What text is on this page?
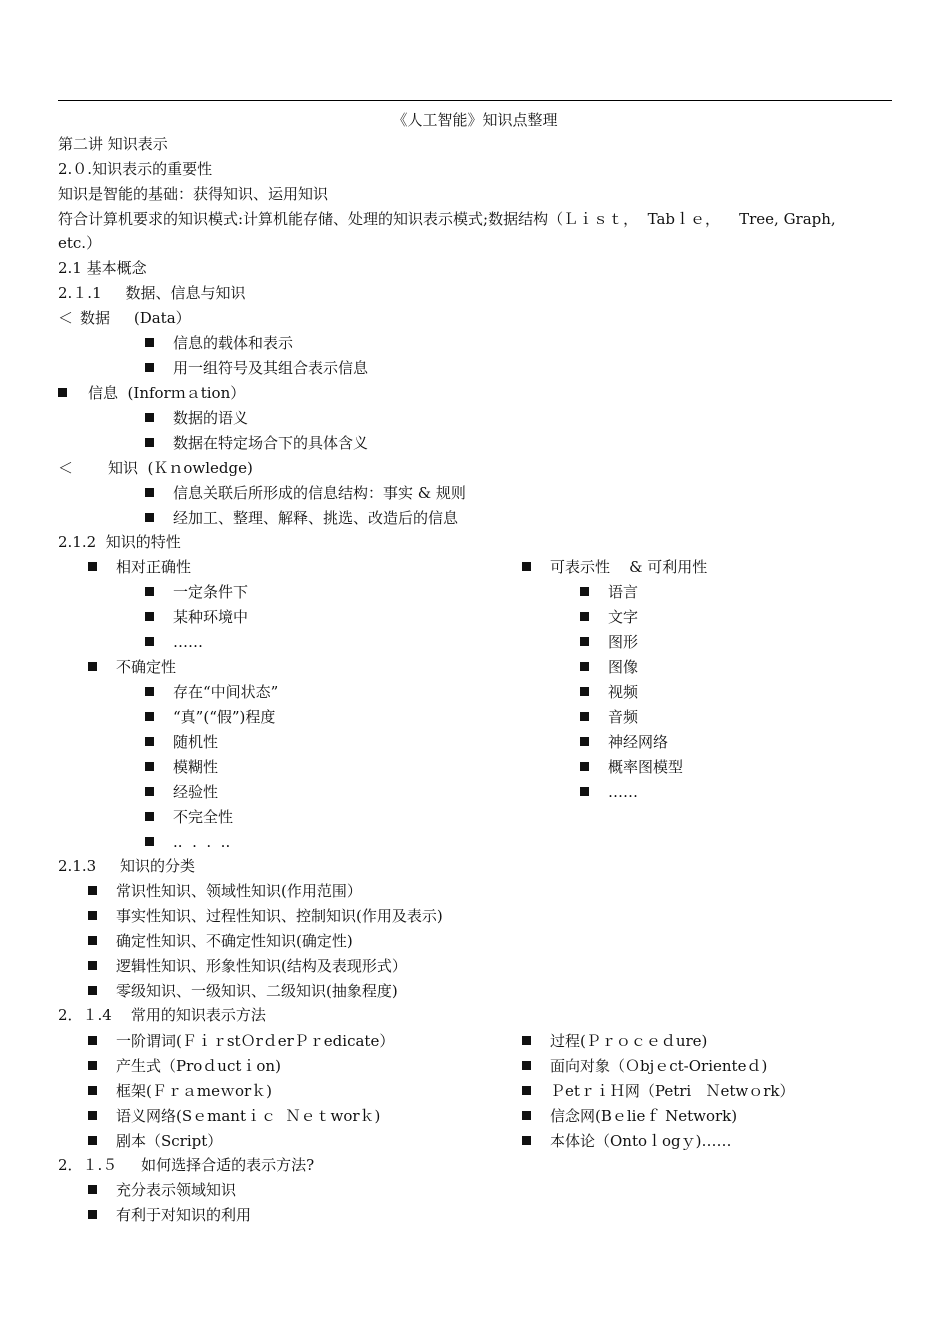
《人工智能》知识点整理
第二讲 知识表示
2.０.知识表示的重要性
知识是智能的基础：获得知识、运用知识
符合计算机要求的知识模式:计算机能存储、处理的知识表示模式;数据结构（Ｌｉｓｔ，  Tabｌｅ，    Tree, Graph,
etc.）
2.1 基本概念
2.１.1     数据、信息与知识
＜ 数据     (Data）
信息的载体和表示
用一组符号及其组合表示信息
信息  (Inforｍａtion）
数据的语义
数据在特定场合下的具体含义
＜ 知识  (Ｋｎowledge)
信息关联后所形成的信息结构：事实 & 规则
经加工、整理、解释、挑选、改造后的信息
2.1.2  知识的特性
相对正确性
一定条件下
某种环境中
……
不确定性
存在“中间状态”
“真”(“假”)程度
随机性
模糊性
经验性
不完全性
..  .  .  ..
可表示性    & 可利用性
语言
文字
图形
图像
视频
音频
神经网络
概率图模型
……
2.1.3     知识的分类
常识性知识、领域性知识(作用范围）
事实性知识、过程性知识、控制知识(作用及表示)
确定性知识、不确定性知识(确定性)
逻辑性知识、形象性知识(结构及表现形式）
零级知识、一级知识、二级知识(抽象程度)
2．１.4    常用的知识表示方法
一阶谓词(ＦｉｒstＯrｄerＰｒedicate）
产生式（Proｄuctｉon)
框架(Ｆｒａmeｗorｋ)
语义网络(Sｅmantｉｃ  Ｎｅｔworｋ)
剧本（Script）
过程(Ｐｒｏｃｅｄure)
面向对象（Ｏbjｅct-Orienteｄ)
ＰetｒｉＨ网（Petri   Ｎetwｏrk）
信念网(Bｅlieｆ Network)
本体论（Ontoｌogｙ)……
2．１.５     如何选择合适的表示方法?
充分表示领域知识
有利于对知识的利用
